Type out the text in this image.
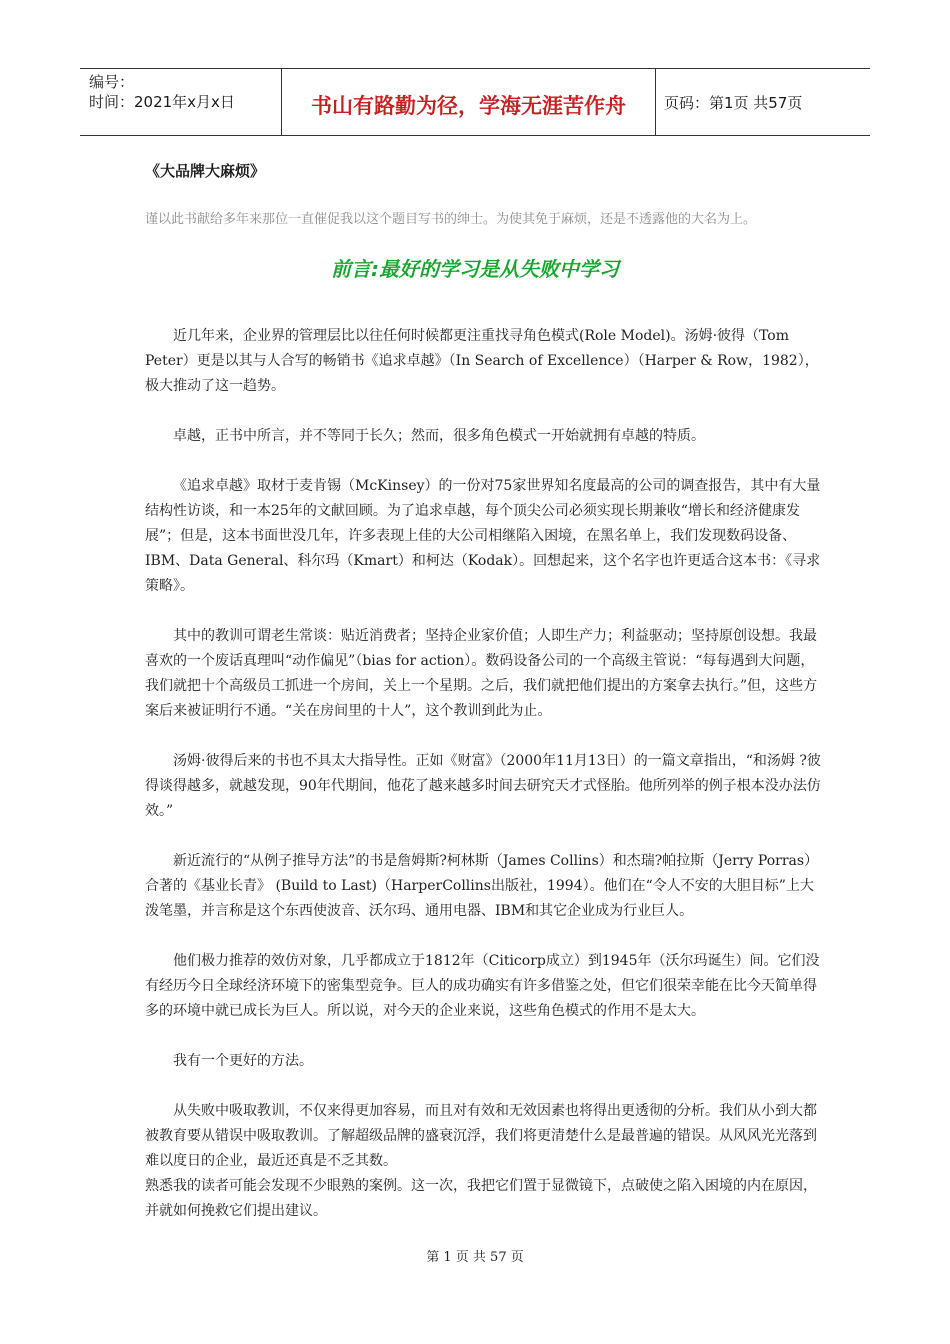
编号：
时间：2021年x月x日	书山有路勤为径，学海无涯苦作舟	页码：第1页 共57页
《大品牌大麻烦》
谨以此书献给多年来那位一直催促我以这个题目写书的绅士。为使其免于麻烦，还是不透露他的大名为上。
前言:最好的学习是从失败中学习

近几年来，企业界的管理层比以往任何时候都更注重找寻角色模式(Role Model)。汤姆·彼得（Tom Peter）更是以其与人合写的畅销书《追求卓越》（In Search of Excellence）（Harper & Row，1982），极大推动了这一趋势。

卓越，正书中所言，并不等同于长久；然而，很多角色模式一开始就拥有卓越的特质。

《追求卓越》取材于麦肯锡（McKinsey）的一份对75家世界知名度最高的公司的调查报告，其中有大量结构性访谈，和一本25年的文献回顾。为了追求卓越，每个顶尖公司必须实现长期兼收“增长和经济健康发展”；但是，这本书面世没几年，许多表现上佳的大公司相继陷入困境，在黑名单上，我们发现数码设备、IBM、Data General、科尔玛（Kmart）和柯达（Kodak）。回想起来，这个名字也许更适合这本书：《寻求策略》。

其中的教训可谓老生常谈：贴近消费者；坚持企业家价值；人即生产力；利益驱动；坚持原创设想。我最喜欢的一个废话真理叫“动作偏见”（bias for action）。数码设备公司的一个高级主管说：“每每遇到大问题，我们就把十个高级员工抓进一个房间，关上一个星期。之后，我们就把他们提出的方案拿去执行。”但，这些方案后来被证明行不通。“关在房间里的十人”，这个教训到此为止。

汤姆·彼得后来的书也不具太大指导性。正如《财富》（2000年11月13日）的一篇文章指出，“和汤姆 ?彼得谈得越多，就越发现，90年代期间，他花了越来越多时间去研究天才式怪胎。他所列举的例子根本没办法仿效。”

新近流行的“从例子推导方法”的书是詹姆斯?柯林斯（James Collins）和杰瑞?帕拉斯（Jerry Porras）合著的《基业长青》 (Build to Last)（HarperCollins出版社，1994）。他们在“令人不安的大胆目标”上大泼笔墨，并言称是这个东西使波音、沃尔玛、通用电器、IBM和其它企业成为行业巨人。

他们极力推荐的效仿对象，几乎都成立于1812年（Citicorp成立）到1945年（沃尔玛诞生）间。它们没有经历今日全球经济环境下的密集型竞争。巨人的成功确实有许多借鉴之处，但它们很荣幸能在比今天简单得多的环境中就已成长为巨人。所以说，对今天的企业来说，这些角色模式的作用不是太大。

我有一个更好的方法。

从失败中吸取教训，不仅来得更加容易，而且对有效和无效因素也将得出更透彻的分析。我们从小到大都被教育要从错误中吸取教训。了解超级品牌的盛衰沉浮，我们将更清楚什么是最普遍的错误。从风风光光落到难以度日的企业，最近还真是不乏其数。

熟悉我的读者可能会发现不少眼熟的案例。这一次，我把它们置于显微镜下，点破使之陷入困境的内在原因，并就如何挽救它们提出建议。

第 1 页 共 57 页
